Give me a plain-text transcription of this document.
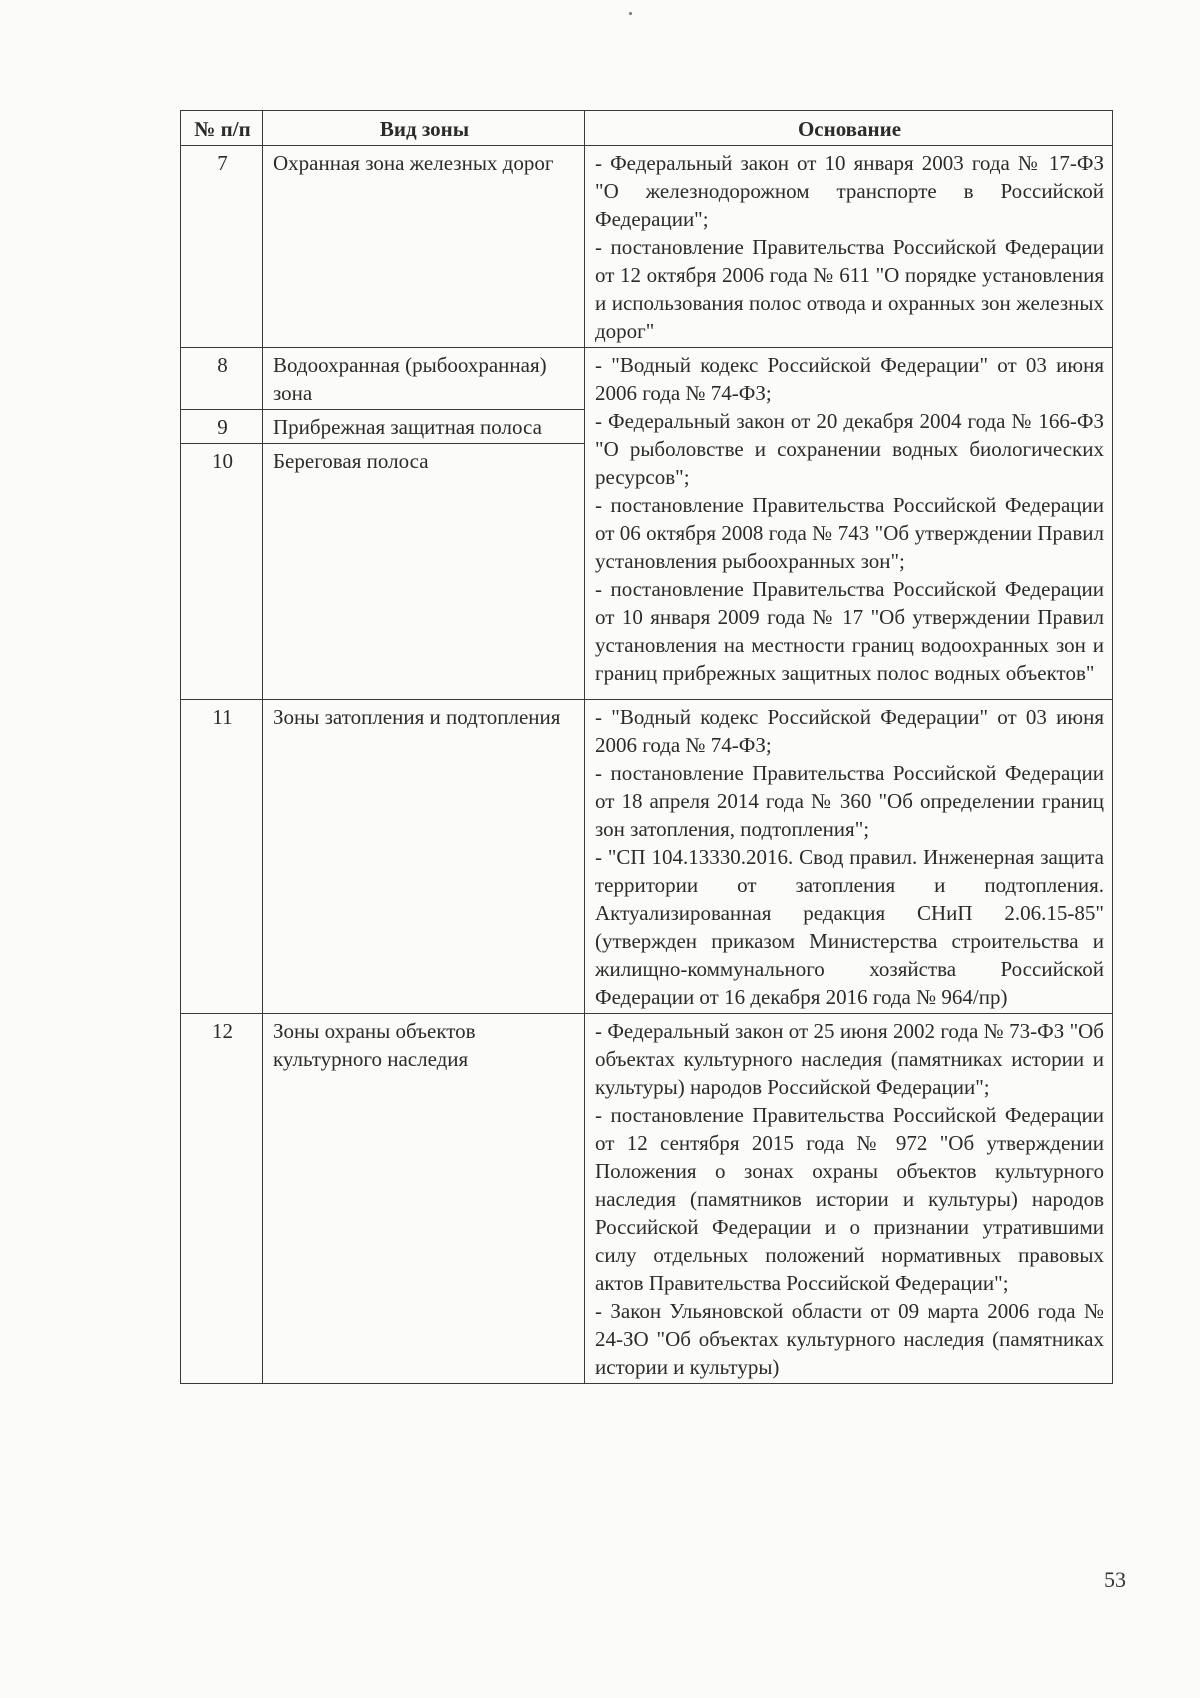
№ п/п	Вид зоны	Основание
7	Охранная зона железных дорог	- Федеральный закон от 10 января 2003 года № 17-ФЗ "О железнодорожном транспорте в Российской Федерации";

- постановление Правительства Российской Федерации от 12 октября 2006 года № 611 "О порядке установления и использования полос отвода и охранных зон железных дорог"

8	Водоохранная (рыбоохранная) зона	- "Водный кодекс Российской Федерации" от 03 июня 2006 года № 74-ФЗ;

- Федеральный закон от 20 декабря 2004 года № 166-ФЗ "О рыболовстве и сохранении водных биологических ресурсов";

- постановление Правительства Российской Федерации от 06 октября 2008 года № 743 "Об утверждении Правил установления рыбоохранных зон";

- постановление Правительства Российской Федерации от 10 января 2009 года № 17 "Об утверждении Правил установления на местности границ водоохранных зон и границ прибрежных защитных полос водных объектов"

9	Прибрежная защитная полоса	
10	Береговая полоса	
11	Зоны затопления и подтопления	- "Водный кодекс Российской Федерации" от 03 июня 2006 года № 74-ФЗ;

- постановление Правительства Российской Федерации от 18 апреля 2014 года № 360 "Об определении границ зон затопления, подтопления";

- "СП 104.13330.2016. Свод правил. Инженерная защита территории от затопления и подтопления. Актуализированная редакция СНиП 2.06.15-85" (утвержден приказом Министерства строительства и жилищно-коммунального хозяйства Российской Федерации от 16 декабря 2016 года № 964/пр)

12	Зоны охраны объектов культурного наследия	- Федеральный закон от 25 июня 2002 года № 73-ФЗ "Об объектах культурного наследия (памятниках истории и культуры) народов Российской Федерации";

- постановление Правительства Российской Федерации от 12 сентября 2015 года № 972 "Об утверждении Положения о зонах охраны объектов культурного наследия (памятников истории и культуры) народов Российской Федерации и о признании утратившими силу отдельных положений нормативных правовых актов Правительства Российской Федерации";

- Закон Ульяновской области от 09 марта 2006 года № 24-ЗО "Об объектах культурного наследия (памятниках истории и культуры)

53
